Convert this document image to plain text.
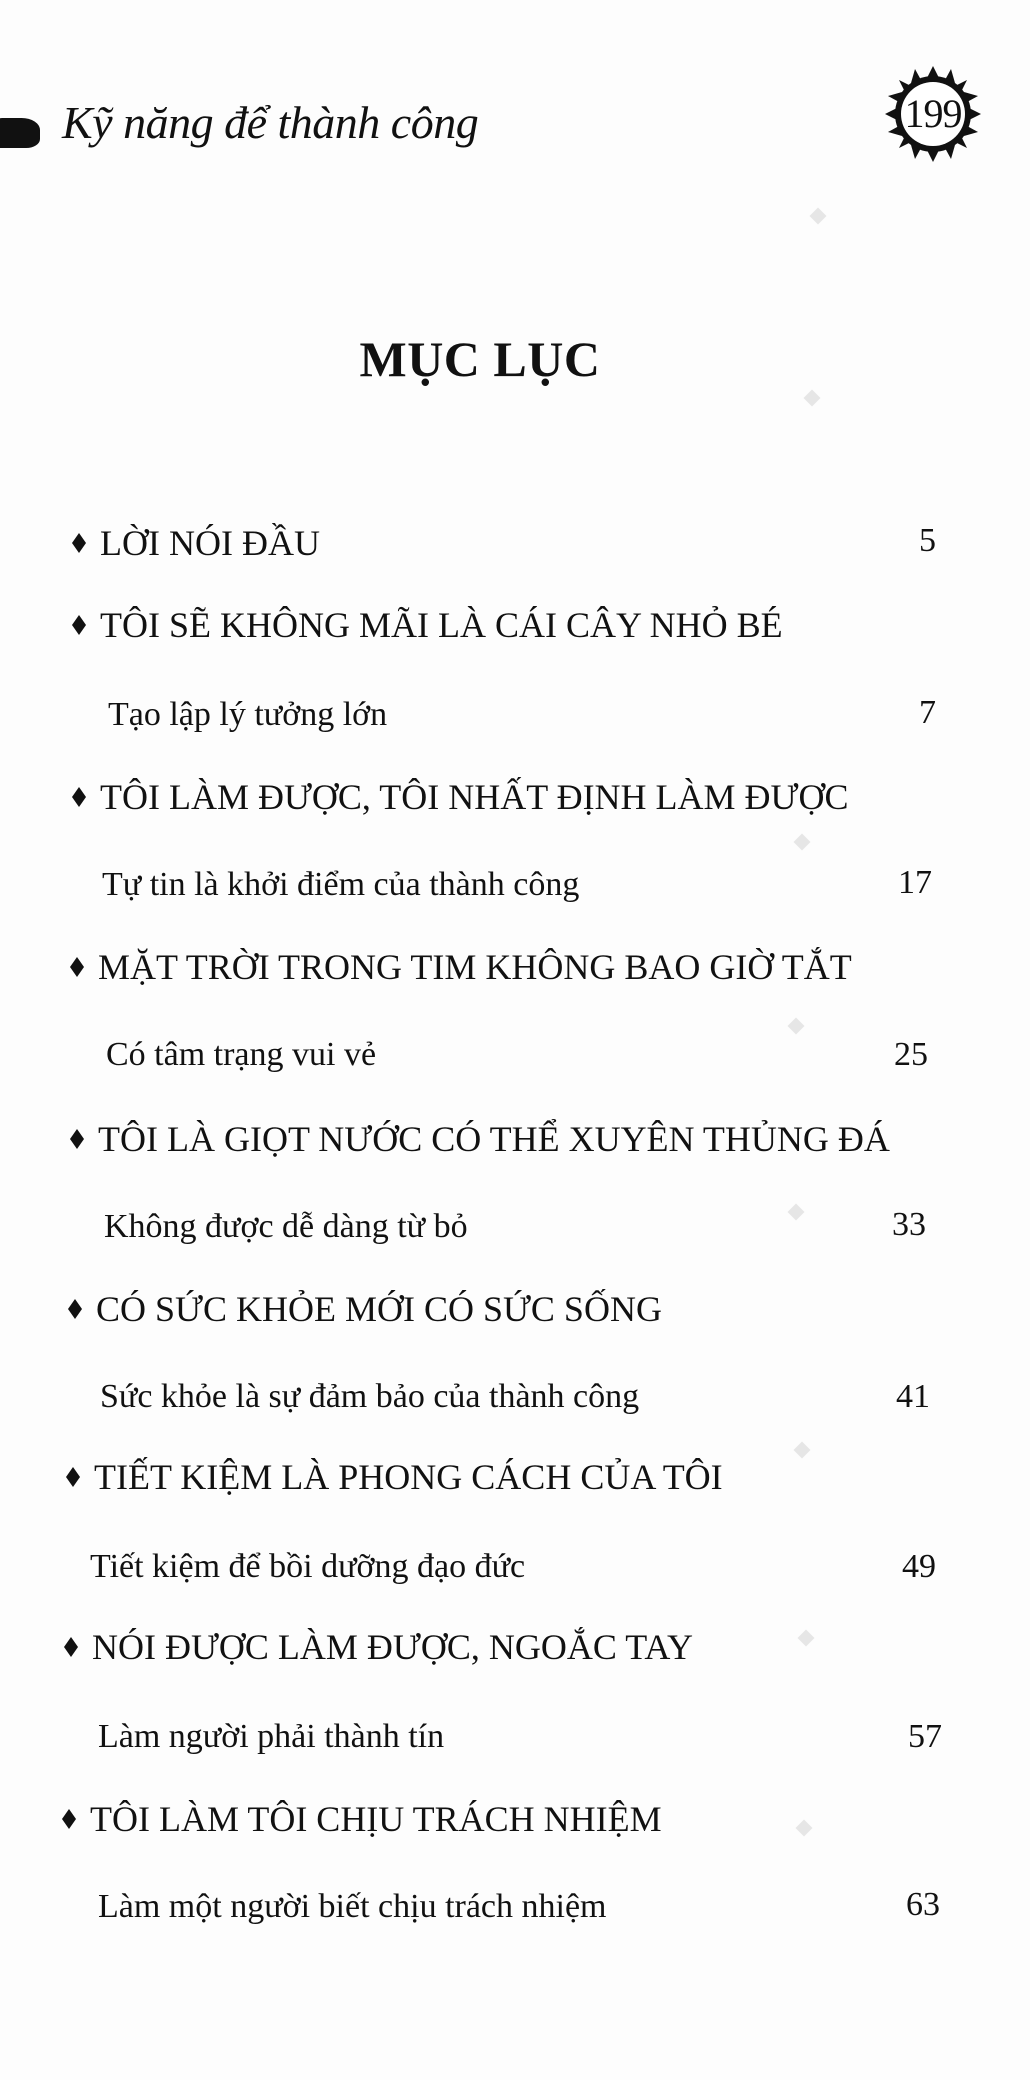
Kỹ năng để thành công	199
MỤC LỤC
LỜI NÓI ĐẦU	5
TÔI SẼ KHÔNG MÃI LÀ CÁI CÂY NHỎ BÉ
Tạo lập lý tưởng lớn	7
TÔI LÀM ĐƯỢC, TÔI NHẤT ĐỊNH LÀM ĐƯỢC
Tự tin là khởi điểm của thành công	17
MẶT TRỜI TRONG TIM KHÔNG BAO GIỜ TẮT
Có tâm trạng vui vẻ	25
TÔI LÀ GIỌT NƯỚC CÓ THỂ XUYÊN THỦNG ĐÁ
Không được dễ dàng từ bỏ	33
CÓ SỨC KHỎE MỚI CÓ SỨC SỐNG
Sức khỏe là sự đảm bảo của thành công	41
TIẾT KIỆM LÀ PHONG CÁCH CỦA TÔI
Tiết kiệm để bồi dưỡng đạo đức	49
NÓI ĐƯỢC LÀM ĐƯỢC, NGOẮC TAY
Làm người phải thành tín	57
TÔI LÀM TÔI CHỊU TRÁCH NHIỆM
Làm một người biết chịu trách nhiệm	63
